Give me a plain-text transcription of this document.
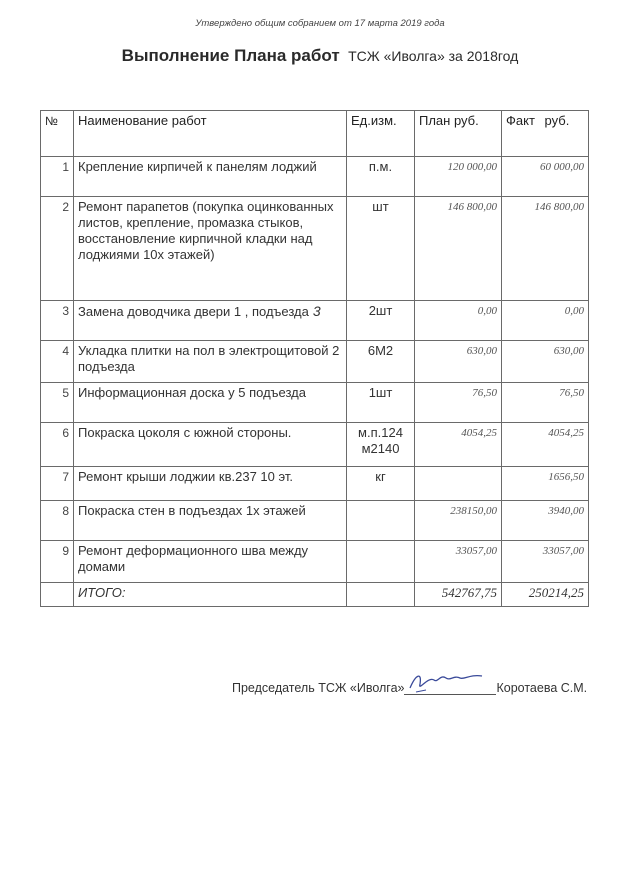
Утверждено общим собранием от 17 марта 2019 года
Выполнение Плана работ ТСЖ «Иволга» за 2018год
№	Наименование работ	Ед.изм.	План руб.	Факт руб.
1	Крепление кирпичей к панелям лоджий	п.м.	120 000,00	60 000,00
2	Ремонт парапетов (покупка оцинкованных листов, крепление, промазка стыков, восстановление кирпичной кладки над лоджиями 10х этажей)	шт	146 800,00	146 800,00
3	Замена доводчика двери 1 , подъезда 3	2шт	0,00	0,00
4	Укладка плитки на пол в электрощитовой 2 подъезда	6М2	630,00	630,00
5	Информационная доска у 5 подъезда	1шт	76,50	76,50
6	Покраска цоколя с южной стороны.	м.п.124 м2140	4054,25	4054,25
7	Ремонт крыши лоджии кв.237 10 эт.	кг		1656,50
8	Покраска стен в подъездах 1х этажей		238150,00	3940,00
9	Ремонт деформационного шва между домами		33057,00	33057,00
	ИТОГО:		542767,75	250214,25
Председатель ТСЖ «Иволга»	Коротаева С.М.
